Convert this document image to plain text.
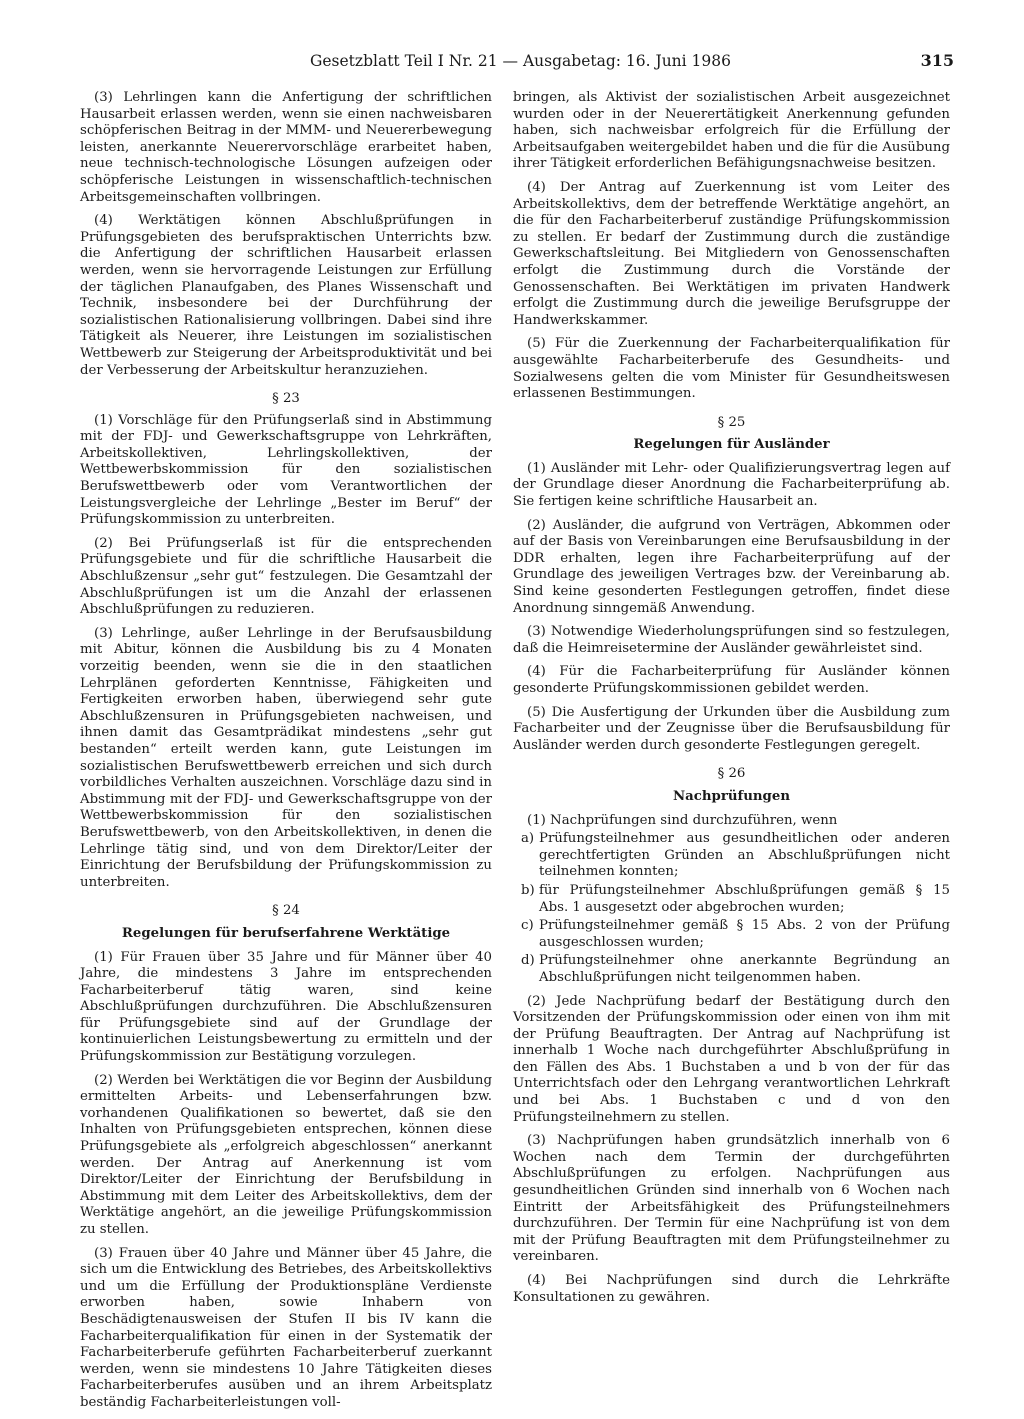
Gesetzblatt Teil I Nr. 21 — Ausgabetag: 16. Juni 1986	315

(3) Lehrlingen kann die Anfertigung der schriftlichen Hausarbeit erlassen werden, wenn sie einen nachweisbaren schöpferischen Beitrag in der MMM- und Neuererbewegung leisten, anerkannte Neuerervorschläge erarbeitet haben, neue technisch-technologische Lösungen aufzeigen oder schöpferische Leistungen in wissenschaftlich-technischen Arbeitsgemeinschaften vollbringen.

(4) Werktätigen können Abschlußprüfungen in Prüfungsgebieten des berufspraktischen Unterrichts bzw. die Anfertigung der schriftlichen Hausarbeit erlassen werden, wenn sie hervorragende Leistungen zur Erfüllung der täglichen Planaufgaben, des Planes Wissenschaft und Technik, insbesondere bei der Durchführung der sozialistischen Rationalisierung vollbringen. Dabei sind ihre Tätigkeit als Neuerer, ihre Leistungen im sozialistischen Wettbewerb zur Steigerung der Arbeitsproduktivität und bei der Verbesserung der Arbeitskultur heranzuziehen.

§ 23

(1) Vorschläge für den Prüfungserlaß sind in Abstimmung mit der FDJ- und Gewerkschaftsgruppe von Lehrkräften, Arbeitskollektiven, Lehrlingskollektiven, der Wettbewerbskommission für den sozialistischen Berufswettbewerb oder vom Verantwortlichen der Leistungsvergleiche der Lehrlinge „Bester im Beruf“ der Prüfungskommission zu unterbreiten.

(2) Bei Prüfungserlaß ist für die entsprechenden Prüfungsgebiete und für die schriftliche Hausarbeit die Abschlußzensur „sehr gut“ festzulegen. Die Gesamtzahl der Abschlußprüfungen ist um die Anzahl der erlassenen Abschlußprüfungen zu reduzieren.

(3) Lehrlinge, außer Lehrlinge in der Berufsausbildung mit Abitur, können die Ausbildung bis zu 4 Monaten vorzeitig beenden, wenn sie die in den staatlichen Lehrplänen geforderten Kenntnisse, Fähigkeiten und Fertigkeiten erworben haben, überwiegend sehr gute Abschlußzensuren in Prüfungsgebieten nachweisen, und ihnen damit das Gesamtprädikat mindestens „sehr gut bestanden“ erteilt werden kann, gute Leistungen im sozialistischen Berufswettbewerb erreichen und sich durch vorbildliches Verhalten auszeichnen. Vorschläge dazu sind in Abstimmung mit der FDJ- und Gewerkschaftsgruppe von der Wettbewerbskommission für den sozialistischen Berufswettbewerb, von den Arbeitskollektiven, in denen die Lehrlinge tätig sind, und von dem Direktor/Leiter der Einrichtung der Berufsbildung der Prüfungskommission zu unterbreiten.

§ 24
Regelungen für berufserfahrene Werktätige

(1) Für Frauen über 35 Jahre und für Männer über 40 Jahre, die mindestens 3 Jahre im entsprechenden Facharbeiterberuf tätig waren, sind keine Abschlußprüfungen durchzuführen. Die Abschlußzensuren für Prüfungsgebiete sind auf der Grundlage der kontinuierlichen Leistungsbewertung zu ermitteln und der Prüfungskommission zur Bestätigung vorzulegen.

(2) Werden bei Werktätigen die vor Beginn der Ausbildung ermittelten Arbeits- und Lebenserfahrungen bzw. vorhandenen Qualifikationen so bewertet, daß sie den Inhalten von Prüfungsgebieten entsprechen, können diese Prüfungsgebiete als „erfolgreich abgeschlossen“ anerkannt werden. Der Antrag auf Anerkennung ist vom Direktor/Leiter der Einrichtung der Berufsbildung in Abstimmung mit dem Leiter des Arbeitskollektivs, dem der Werktätige angehört, an die jeweilige Prüfungskommission zu stellen.

(3) Frauen über 40 Jahre und Männer über 45 Jahre, die sich um die Entwicklung des Betriebes, des Arbeitskollektivs und um die Erfüllung der Produktionspläne Verdienste erworben haben, sowie Inhabern von Beschädigtenausweisen der Stufen II bis IV kann die Facharbeiterqualifikation für einen in der Systematik der Facharbeiterberufe geführten Facharbeiterberuf zuerkannt werden, wenn sie mindestens 10 Jahre Tätigkeiten dieses Facharbeiterberufes ausüben und an ihrem Arbeitsplatz beständig Facharbeiterleistungen voll-

bringen, als Aktivist der sozialistischen Arbeit ausgezeichnet wurden oder in der Neuerertätigkeit Anerkennung gefunden haben, sich nachweisbar erfolgreich für die Erfüllung der Arbeitsaufgaben weitergebildet haben und die für die Ausübung ihrer Tätigkeit erforderlichen Befähigungsnachweise besitzen.

(4) Der Antrag auf Zuerkennung ist vom Leiter des Arbeitskollektivs, dem der betreffende Werktätige angehört, an die für den Facharbeiterberuf zuständige Prüfungskommission zu stellen. Er bedarf der Zustimmung durch die zuständige Gewerkschaftsleitung. Bei Mitgliedern von Genossenschaften erfolgt die Zustimmung durch die Vorstände der Genossenschaften. Bei Werktätigen im privaten Handwerk erfolgt die Zustimmung durch die jeweilige Berufsgruppe der Handwerkskammer.

(5) Für die Zuerkennung der Facharbeiterqualifikation für ausgewählte Facharbeiterberufe des Gesundheits- und Sozialwesens gelten die vom Minister für Gesundheitswesen erlassenen Bestimmungen.

§ 25
Regelungen für Ausländer

(1) Ausländer mit Lehr- oder Qualifizierungsvertrag legen auf der Grundlage dieser Anordnung die Facharbeiterprüfung ab. Sie fertigen keine schriftliche Hausarbeit an.

(2) Ausländer, die aufgrund von Verträgen, Abkommen oder auf der Basis von Vereinbarungen eine Berufsausbildung in der DDR erhalten, legen ihre Facharbeiterprüfung auf der Grundlage des jeweiligen Vertrages bzw. der Vereinbarung ab. Sind keine gesonderten Festlegungen getroffen, findet diese Anordnung sinngemäß Anwendung.

(3) Notwendige Wiederholungsprüfungen sind so festzulegen, daß die Heimreisetermine der Ausländer gewährleistet sind.

(4) Für die Facharbeiterprüfung für Ausländer können gesonderte Prüfungskommissionen gebildet werden.

(5) Die Ausfertigung der Urkunden über die Ausbildung zum Facharbeiter und der Zeugnisse über die Berufsausbildung für Ausländer werden durch gesonderte Festlegungen geregelt.

§ 26
Nachprüfungen

(1) Nachprüfungen sind durchzuführen, wenn

a) Prüfungsteilnehmer aus gesundheitlichen oder anderen gerechtfertigten Gründen an Abschlußprüfungen nicht teilnehmen konnten;
b) für Prüfungsteilnehmer Abschlußprüfungen gemäß § 15 Abs. 1 ausgesetzt oder abgebrochen wurden;
c) Prüfungsteilnehmer gemäß § 15 Abs. 2 von der Prüfung ausgeschlossen wurden;
d) Prüfungsteilnehmer ohne anerkannte Begründung an Abschlußprüfungen nicht teilgenommen haben.

(2) Jede Nachprüfung bedarf der Bestätigung durch den Vorsitzenden der Prüfungskommission oder einen von ihm mit der Prüfung Beauftragten. Der Antrag auf Nachprüfung ist innerhalb 1 Woche nach durchgeführter Abschlußprüfung in den Fällen des Abs. 1 Buchstaben a und b von der für das Unterrichtsfach oder den Lehrgang verantwortlichen Lehrkraft und bei Abs. 1 Buchstaben c und d von den Prüfungsteilnehmern zu stellen.

(3) Nachprüfungen haben grundsätzlich innerhalb von 6 Wochen nach dem Termin der durchgeführten Abschlußprüfungen zu erfolgen. Nachprüfungen aus gesundheitlichen Gründen sind innerhalb von 6 Wochen nach Eintritt der Arbeitsfähigkeit des Prüfungsteilnehmers durchzuführen. Der Termin für eine Nachprüfung ist von dem mit der Prüfung Beauftragten mit dem Prüfungsteilnehmer zu vereinbaren.

(4) Bei Nachprüfungen sind durch die Lehrkräfte Konsultationen zu gewähren.
